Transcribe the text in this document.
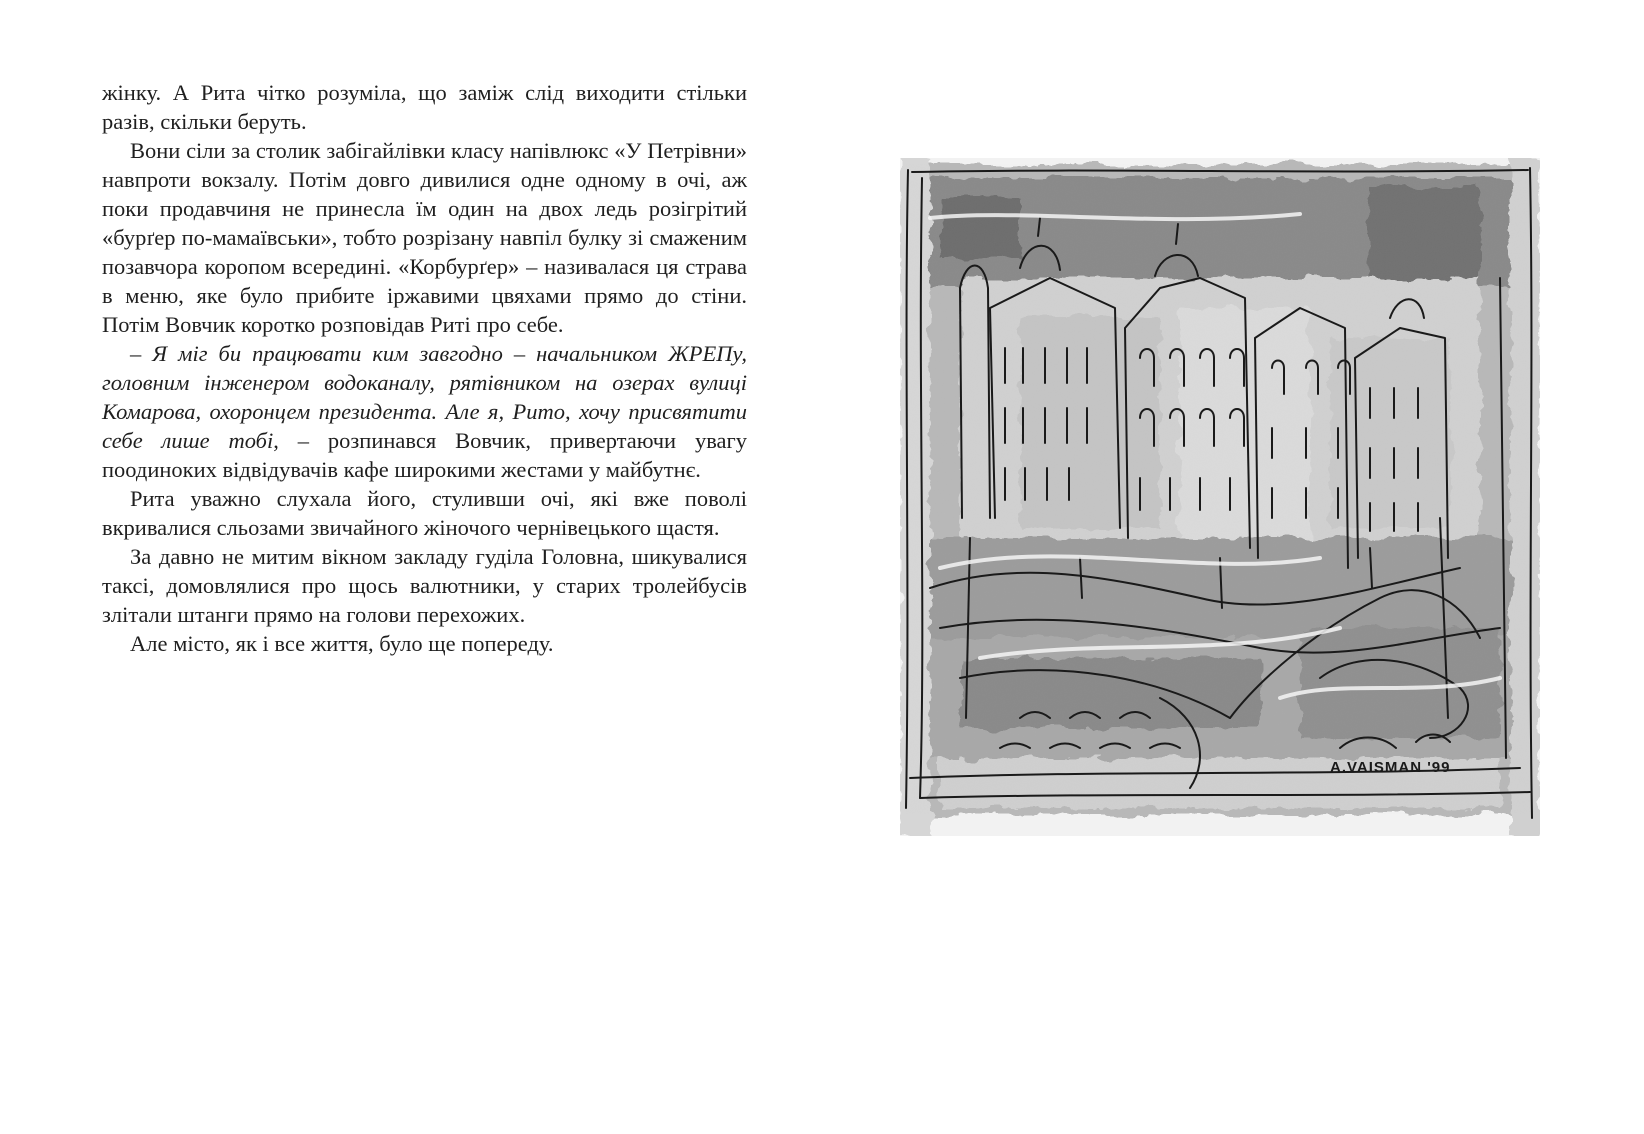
жінку. А Рита чітко розуміла, що заміж слід виходити стільки разів, скільки беруть.

Вони сіли за столик забігайлівки класу напівлюкс «У Петрівни» навпроти вокзалу. Потім довго дивилися одне одному в очі, аж поки продавчиня не принесла їм один на двох ледь розігрітий «бурґер по-мамаївськи», тобто розрізану навпіл булку зі смаженим позавчора коропом всередині. «Корбурґер» – називалася ця страва в меню, яке було прибите іржавими цвяхами прямо до стіни. Потім Вовчик коротко розповідав Риті про себе.

– Я міг би працювати ким завгодно – начальником ЖРЕПу, головним інженером водоканалу, рятівником на озерах вулиці Комарова, охоронцем президента. Але я, Рито, хочу присвятити себе лише тобі, – розпинався Вовчик, привертаючи увагу поодиноких відвідувачів кафе широкими жестами у майбутнє.

Рита уважно слухала його, стуливши очі, які вже поволі вкривалися сльозами звичайного жіночого чернівецького щастя.

За давно не митим вікном закладу гуділа Головна, шикувалися таксі, домовлялися про щось валютники, у старих тролейбусів злітали штанги прямо на голови перехожих.

Але місто, як і все життя, було ще попереду.

A.VAISMAN '99
